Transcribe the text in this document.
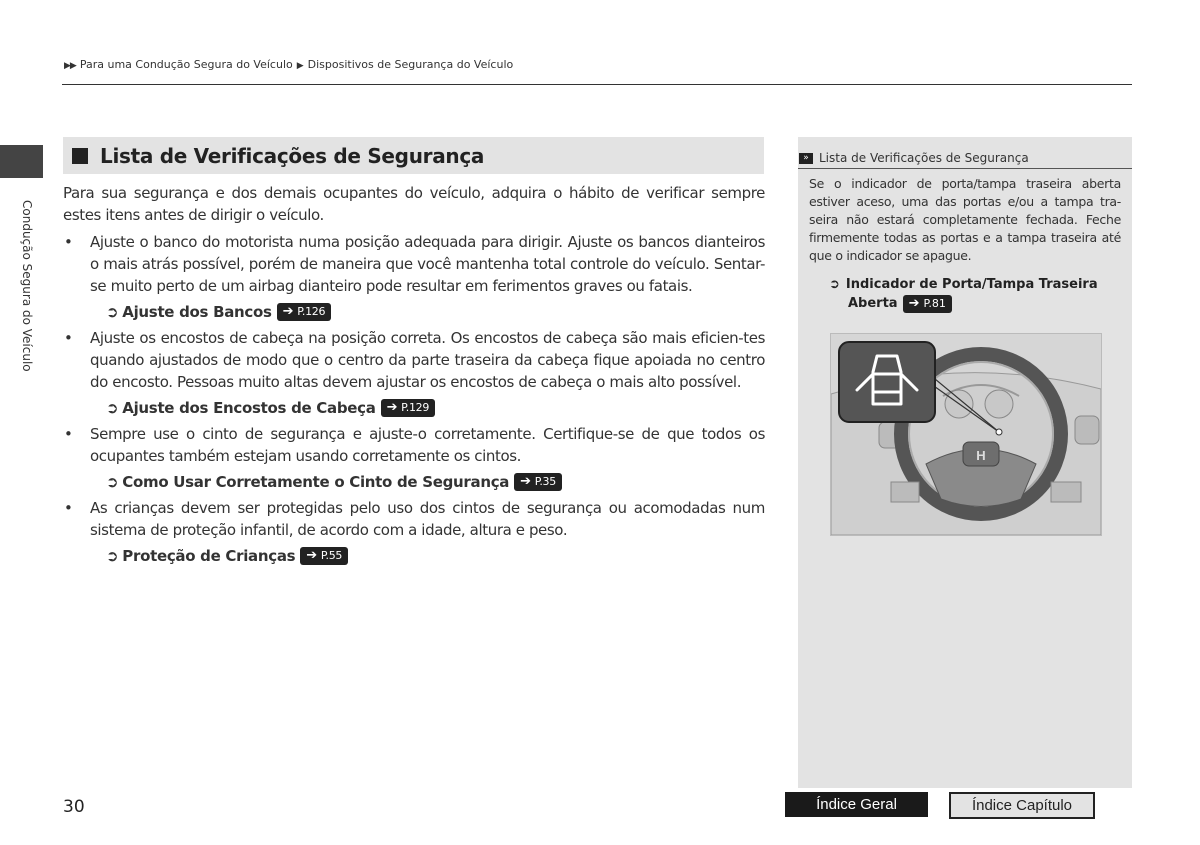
▶▶ Para uma Condução Segura do Veículo ▶ Dispositivos de Segurança do Veículo
Condução Segura do Veículo
Lista de Verificações de Segurança

Para sua segurança e dos demais ocupantes do veículo, adquira o hábito de verificar sempre estes itens antes de dirigir o veículo.

• Ajuste o banco do motorista numa posição adequada para dirigir. Ajuste os bancos dianteiros o mais atrás possível, porém de maneira que você mantenha total controle do veículo. Sentar-se muito perto de um airbag dianteiro pode resultar em ferimentos graves ou fatais.
➲ Ajuste dos Bancos ➔ P.126
• Ajuste os encostos de cabeça na posição correta. Os encostos de cabeça são mais eficien-tes quando ajustados de modo que o centro da parte traseira da cabeça fique apoiada no centro do encosto. Pessoas muito altas devem ajustar os encostos de cabeça o mais alto possível.
➲ Ajuste dos Encostos de Cabeça ➔ P.129
• Sempre use o cinto de segurança e ajuste-o corretamente. Certifique-se de que todos os ocupantes também estejam usando corretamente os cintos.
➲ Como Usar Corretamente o Cinto de Segurança ➔ P.35
• As crianças devem ser protegidas pelo uso dos cintos de segurança ou acomodadas num sistema de proteção infantil, de acordo com a idade, altura e peso.
➲ Proteção de Crianças ➔ P.55
» Lista de Verificações de Segurança
Se o indicador de porta/tampa traseira aberta estiver aceso, uma das portas e/ou a tampa tra-seira não estará completamente fechada. Feche firmemente todas as portas e a tampa traseira até que o indicador se apague.
➲ Indicador de Porta/Tampa Traseira
Aberta ➔ P.81
H
30	Índice Geral	Índice Capítulo
